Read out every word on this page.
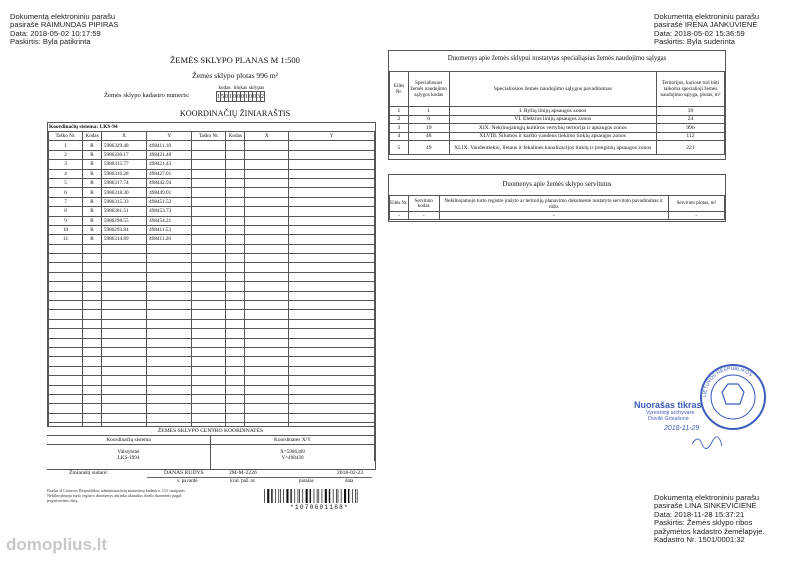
Dokumentą elektroniniu parašu
pasirašė RAIMUNDAS PIPIRAS
Data: 2018-05-02 10:17:59
Paskirtis: Byla patikrinta
Dokumentą elektroniniu parašu
pasirašė IRENA JANKUVIENĖ
Data: 2018-05-02 15:36:59
Paskirtis: Byla suderinta
ŽEMĖS SKLYPO PLANAS M 1:500
Žemės sklypo plotas 996 m²
Žemės sklypo kadastro numeris:
kodas				blokas				sklypas			
1	5	0	1	0	0	0	1	0	0	3	2
KOORDINAČIŲ ŽINIARAŠTIS
Koordinačių sistema: LKS-94
Taško Nr.	Kodas	X	Y	Taško Nr.	Kodas	X	Y
1	R	5986329.48	498411.18				
2	R	5986330.17	498421.40				
3	R	5986315.77	498421.43				
4	R	5986316.28	498427.01				
5	R	5986317.74	498442.94				
6	R	5986318.30	498449.01				
7	R	5986315.33	498451.52				
8	R	5986301.51	498453.73				
9	R	5986298.55	498454.21				
10	R	5986293.84	498411.53				
11	R	5986314.89	498411.26				

ŽEMĖS SKLYPO CENTRO KOORDINATĖS
Koordinačių sistema	Koordinatės X/Y
Valstybinė
LKS-1994
X=5986309
Y=498430
Žiniaraštį sudarė:	DANAS RUDYS	2M-M-2226	2018-02-23
v. pavardė	kval. paž. nr.	parašas	data
Išrašas iš Lietuvos Respublikos administracinių matavimų kadastro. 112 straipsnis. Nekilnojamojo turto registro duomenys atitinka aktualius išrašo duomenis pagal įregistravimo datą.
*1070601168*
Duomenys apie žemės sklypui nustatytas specialiąsias žemės naudojimo sąlygas
Eilės Nr.	Specialiosios žemės naudojimo sąlygos kodas	Specialiosios žemės naudojimo sąlygos pavadinimas	Teritorijos, kuriose turi būti taikoma specialioji žemės naudojimo sąlyga, plotas, m²
1	1	I. Ryšių linijų apsaugos zonos	39
2	6	VI. Elektros linijų apsaugos zonos	24
3	19	XIX. Nekilnojamųjų kultūros vertybių teritorija ir apsaugos zonos	996
4	48	XLVIII. Šilumos ir karšto vandens tiekimo tinklų apsaugos zonos	112
5	49	XLIX. Vandentiekio, lietaus ir fekalinės kanalizacijos tinklų ir įrenginių apsaugos zonos	221
Duomenys apie žemės sklypo servitutus
Eilės Nr.	Servituto kodas	Nekilnojamojo turto registre įrašyto ar teritorijų planavimo dokumente nustatyto servituto pavadinimas ir rūšis	Servituto plotas, m²
-	-	-	-
Nuorašas tikras
Vyresnioji archyvarė
Dovilė Grisalionė
2018-11-29
LIETUVOS RESPUBLIKOS
Dokumentą elektroniniu parašu
pasirašė LINA SINKEVIČIENĖ
Data: 2018-11-28 15:37:21
Paskirtis: Žemės sklypo ribos
pažymėtos kadastro žemėlapyje.
Kadastro Nr. 1501/0001:32
domoplius.lt
